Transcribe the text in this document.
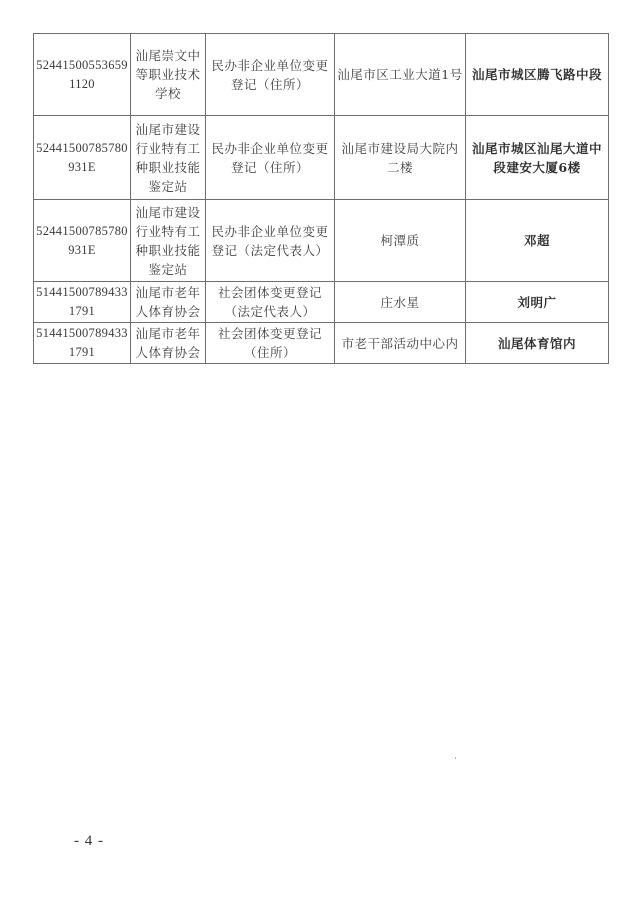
524415005536591120	汕尾崇文中等职业技术学校	民办非企业单位变更登记（住所）	汕尾市区工业大道1号	汕尾市城区腾飞路中段
52441500785780931E	汕尾市建设行业特有工种职业技能鉴定站	民办非企业单位变更登记（住所）	汕尾市建设局大院内二楼	汕尾市城区汕尾大道中段建安大厦6楼
52441500785780931E	汕尾市建设行业特有工种职业技能鉴定站	民办非企业单位变更登记（法定代表人）	柯潭质	邓超
514415007894331791	汕尾市老年人体育协会	社会团体变更登记（法定代表人）	庄水星	刘明广
514415007894331791	汕尾市老年人体育协会	社会团体变更登记（住所）	市老干部活动中心内	汕尾体育馆内
- 4 -
